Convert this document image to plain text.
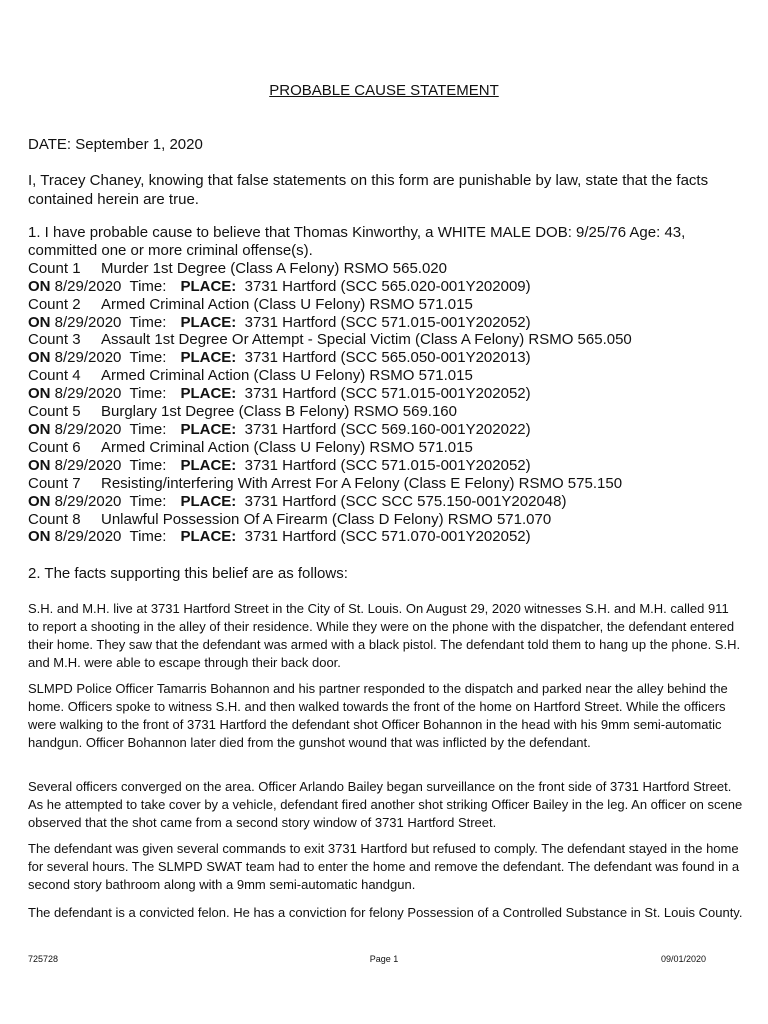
PROBABLE CAUSE STATEMENT
DATE: September 1, 2020
I, Tracey Chaney, knowing that false statements on this form are punishable by law, state that the facts contained herein are true.
1. I have probable cause to believe that Thomas Kinworthy, a WHITE MALE DOB: 9/25/76 Age: 43, committed one or more criminal offense(s).
Count 1 Murder 1st Degree (Class A Felony) RSMO 565.020
ON 8/29/2020 Time: PLACE: 3731 Hartford (SCC 565.020-001Y202009)
Count 2 Armed Criminal Action (Class U Felony) RSMO 571.015
ON 8/29/2020 Time: PLACE: 3731 Hartford (SCC 571.015-001Y202052)
Count 3 Assault 1st Degree Or Attempt - Special Victim (Class A Felony) RSMO 565.050
ON 8/29/2020 Time: PLACE: 3731 Hartford (SCC 565.050-001Y202013)
Count 4 Armed Criminal Action (Class U Felony) RSMO 571.015
ON 8/29/2020 Time: PLACE: 3731 Hartford (SCC 571.015-001Y202052)
Count 5 Burglary 1st Degree (Class B Felony) RSMO 569.160
ON 8/29/2020 Time: PLACE: 3731 Hartford (SCC 569.160-001Y202022)
Count 6 Armed Criminal Action (Class U Felony) RSMO 571.015
ON 8/29/2020 Time: PLACE: 3731 Hartford (SCC 571.015-001Y202052)
Count 7 Resisting/interfering With Arrest For A Felony (Class E Felony) RSMO 575.150
ON 8/29/2020 Time: PLACE: 3731 Hartford (SCC SCC 575.150-001Y202048)
Count 8 Unlawful Possession Of A Firearm (Class D Felony) RSMO 571.070
ON 8/29/2020 Time: PLACE: 3731 Hartford (SCC 571.070-001Y202052)
2. The facts supporting this belief are as follows:

S.H. and M.H. live at 3731 Hartford Street in the City of St. Louis. On August 29, 2020 witnesses S.H. and M.H. called 911 to report a shooting in the alley of their residence. While they were on the phone with the dispatcher, the defendant entered their home. They saw that the defendant was armed with a black pistol. The defendant told them to hang up the phone. S.H. and M.H. were able to escape through their back door.

SLMPD Police Officer Tamarris Bohannon and his partner responded to the dispatch and parked near the alley behind the home. Officers spoke to witness S.H. and then walked towards the front of the home on Hartford Street. While the officers were walking to the front of 3731 Hartford the defendant shot Officer Bohannon in the head with his 9mm semi-automatic handgun. Officer Bohannon later died from the gunshot wound that was inflicted by the defendant.

Several officers converged on the area. Officer Arlando Bailey began surveillance on the front side of 3731 Hartford Street. As he attempted to take cover by a vehicle, defendant fired another shot striking Officer Bailey in the leg. An officer on scene observed that the shot came from a second story window of 3731 Hartford Street.

The defendant was given several commands to exit 3731 Hartford but refused to comply. The defendant stayed in the home for several hours. The SLMPD SWAT team had to enter the home and remove the defendant. The defendant was found in a second story bathroom along with a 9mm semi-automatic handgun.

The defendant is a convicted felon. He has a conviction for felony Possession of a Controlled Substance in St. Louis County.

725728	Page 1	09/01/2020
